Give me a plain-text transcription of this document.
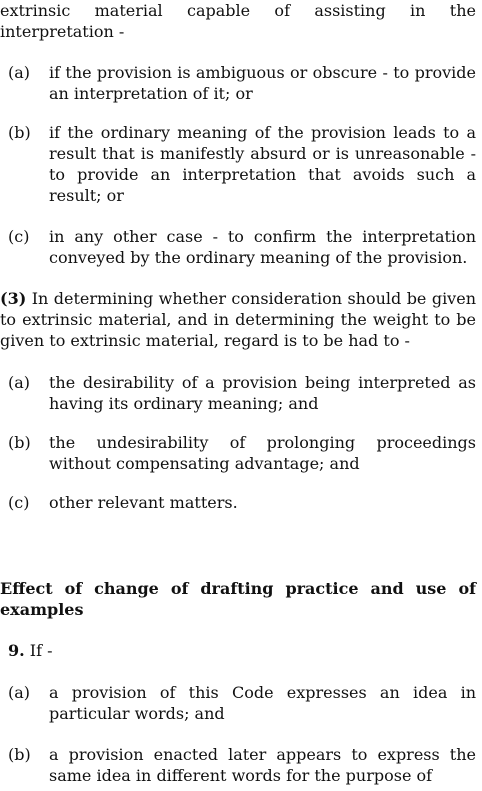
extrinsic material capable of assisting in the interpretation -

(a)	if the provision is ambiguous or obscure - to provide an interpretation of it; or
(b)	if the ordinary meaning of the provision leads to a result that is manifestly absurd or is unreasonable - to provide an interpretation that avoids such a result; or
(c)	in any other case - to confirm the interpretation conveyed by the ordinary meaning of the provision.

(3) In determining whether consideration should be given to extrinsic material, and in determining the weight to be given to extrinsic material, regard is to be had to -

(a)	the desirability of a provision being interpreted as having its ordinary meaning; and
(b)	the undesirability of prolonging proceedings without compensating advantage; and
(c)	other relevant matters.
Effect of change of drafting practice and use of examples

9. If -

(a)	a provision of this Code expresses an idea in particular words; and
(b)	a provision enacted later appears to express the same idea in different words for the purpose of
